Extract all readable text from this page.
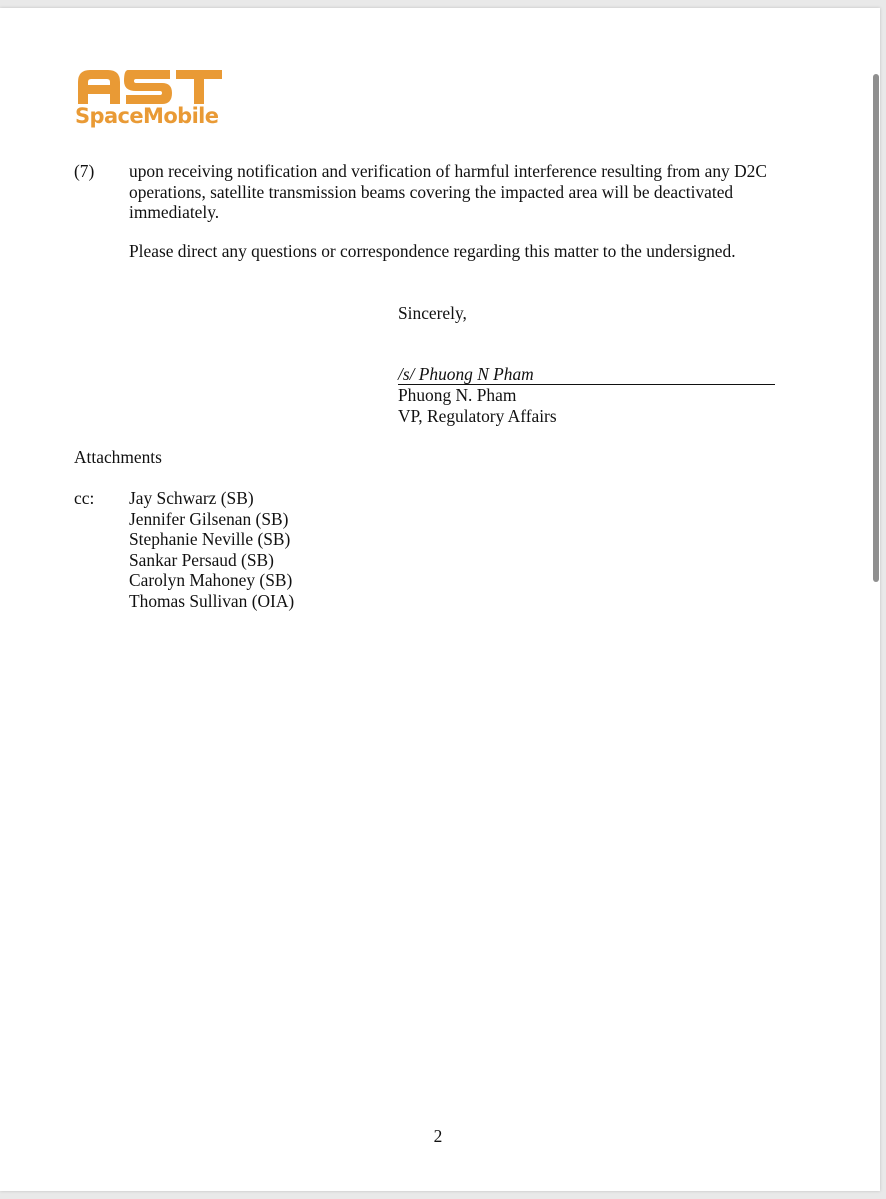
SpaceMobile
(7) upon receiving notification and verification of harmful interference resulting from any D2C operations, satellite transmission beams covering the impacted area will be deactivated immediately.
Please direct any questions or correspondence regarding this matter to the undersigned.
Sincerely,
/s/ Phuong N Pham
Phuong N. Pham
VP, Regulatory Affairs
Attachments
cc: Jay Schwarz (SB)
Jennifer Gilsenan (SB)
Stephanie Neville (SB)
Sankar Persaud (SB)
Carolyn Mahoney (SB)
Thomas Sullivan (OIA)
2
